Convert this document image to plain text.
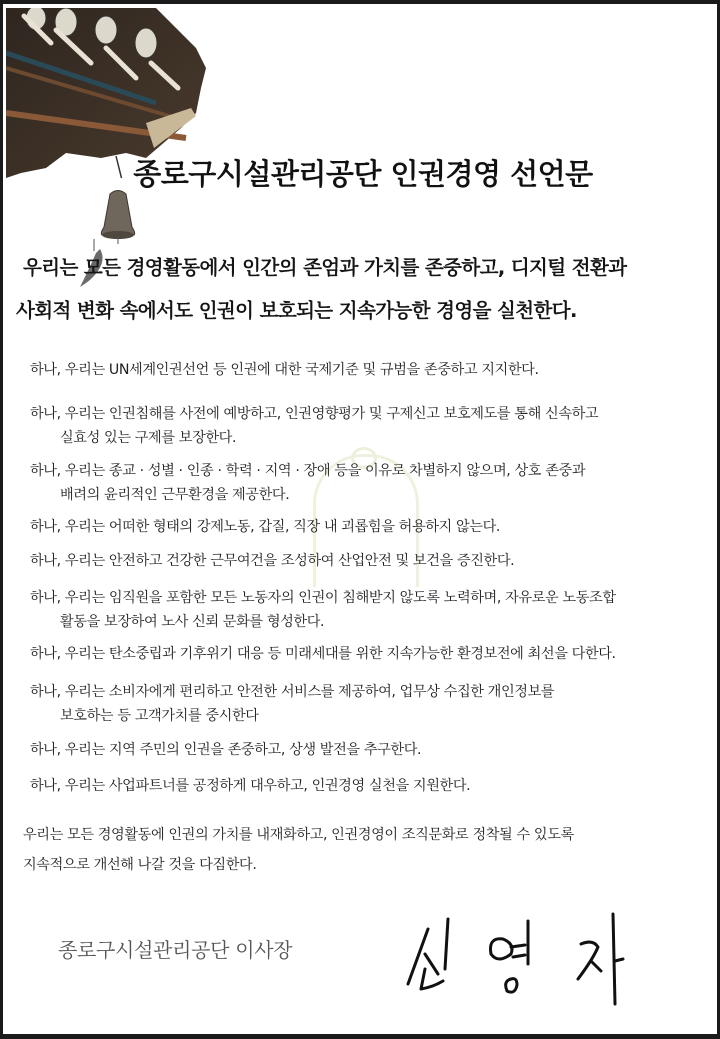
종로구시설관리공단 인권경영 선언문
우리는 모든 경영활동에서 인간의 존엄과 가치를 존중하고, 디지털 전환과
사회적 변화 속에서도 인권이 보호되는 지속가능한 경영을 실천한다.
하나, 우리는 UN세계인권선언 등 인권에 대한 국제기준 및 규범을 존중하고 지지한다.
하나, 우리는 인권침해를 사전에 예방하고, 인권영향평가 및 구제신고 보호제도를 통해 신속하고
실효성 있는 구제를 보장한다.
하나, 우리는 종교 · 성별 · 인종 · 학력 · 지역 · 장애 등을 이유로 차별하지 않으며, 상호 존중과
배려의 윤리적인 근무환경을 제공한다.
하나, 우리는 어떠한 형태의 강제노동, 갑질, 직장 내 괴롭힘을 허용하지 않는다.
하나, 우리는 안전하고 건강한 근무여건을 조성하여 산업안전 및 보건을 증진한다.
하나, 우리는 임직원을 포함한 모든 노동자의 인권이 침해받지 않도록 노력하며, 자유로운 노동조합
활동을 보장하여 노사 신뢰 문화를 형성한다.
하나, 우리는 탄소중립과 기후위기 대응 등 미래세대를 위한 지속가능한 환경보전에 최선을 다한다.
하나, 우리는 소비자에게 편리하고 안전한 서비스를 제공하여, 업무상 수집한 개인정보를
보호하는 등 고객가치를 중시한다
하나, 우리는 지역 주민의 인권을 존중하고, 상생 발전을 추구한다.
하나, 우리는 사업파트너를 공정하게 대우하고, 인권경영 실천을 지원한다.
우리는 모든 경영활동에 인권의 가치를 내재화하고, 인권경영이 조직문화로 정착될 수 있도록
지속적으로 개선해 나갈 것을 다짐한다.
종로구시설관리공단 이사장
